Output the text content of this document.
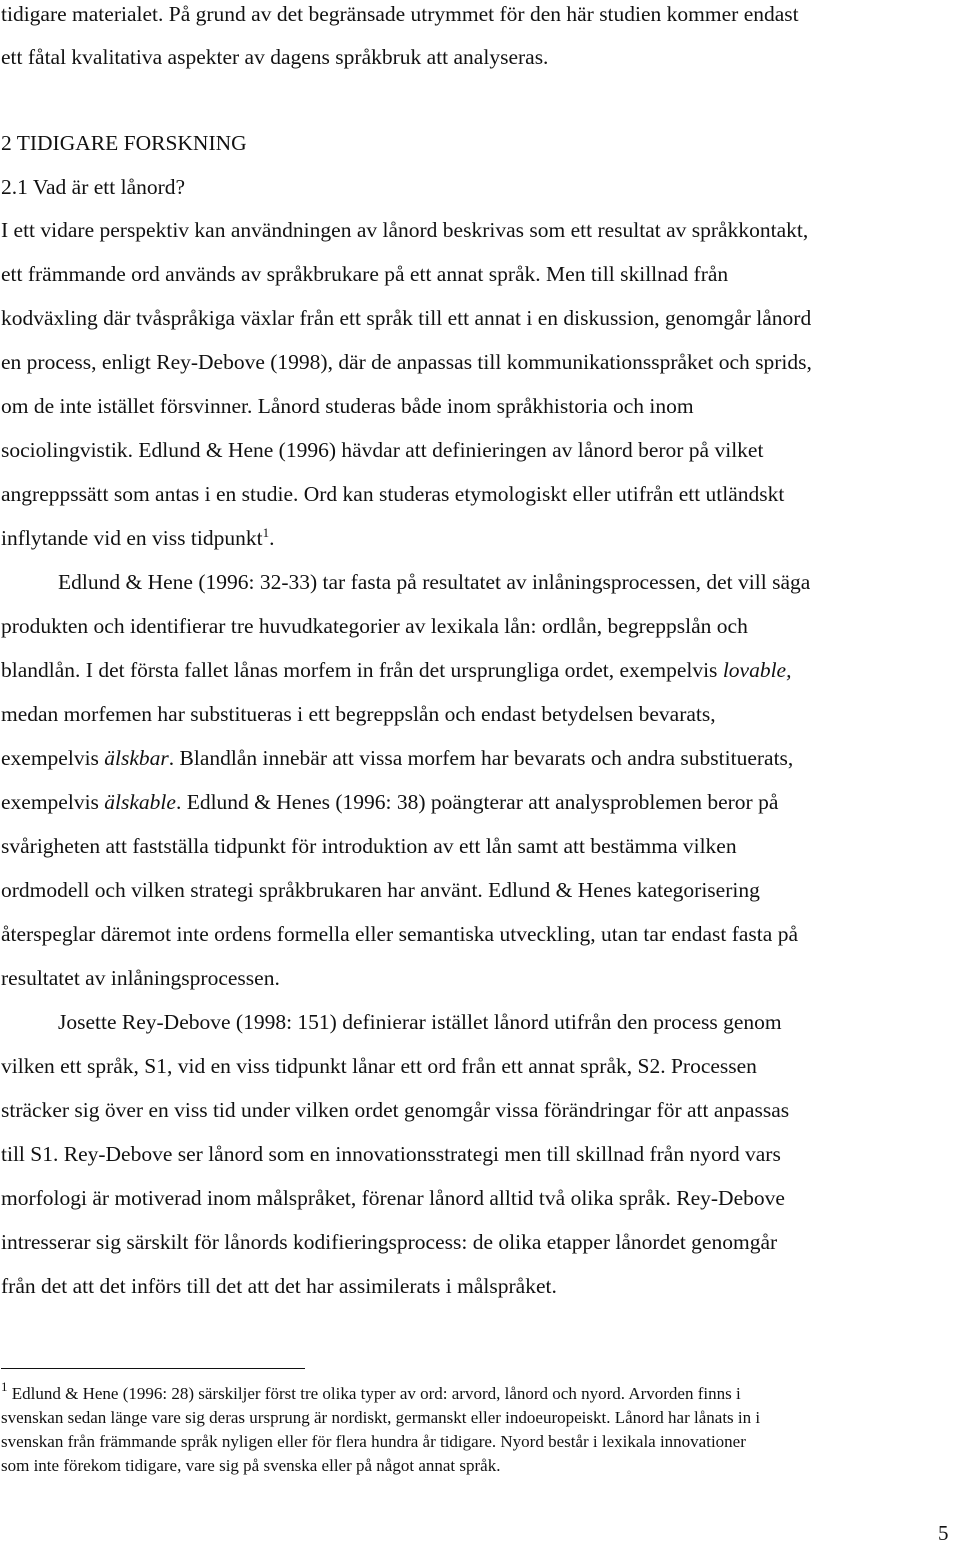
tidigare materialet. På grund av det begränsade utrymmet för den här studien kommer endast
ett fåtal kvalitativa aspekter av dagens språkbruk att analyseras.
2 TIDIGARE FORSKNING
2.1 Vad är ett lånord?
I ett vidare perspektiv kan användningen av lånord beskrivas som ett resultat av språkkontakt,
ett främmande ord används av språkbrukare på ett annat språk. Men till skillnad från
kodväxling där tvåspråkiga växlar från ett språk till ett annat i en diskussion, genomgår lånord
en process, enligt Rey-Debove (1998), där de anpassas till kommunikationsspråket och sprids,
om de inte istället försvinner. Lånord studeras både inom språkhistoria och inom
sociolingvistik. Edlund & Hene (1996) hävdar att definieringen av lånord beror på vilket
angreppssätt som antas i en studie. Ord kan studeras etymologiskt eller utifrån ett utländskt
inflytande vid en viss tidpunkt$^1$.
Edlund & Hene (1996: 32-33) tar fasta på resultatet av inlåningsprocessen, det vill säga
produkten och identifierar tre huvudkategorier av lexikala lån: ordlån, begreppslån och
blandlån. I det första fallet lånas morfem in från det ursprungliga ordet, exempelvis lovable,
medan morfemen har substitueras i ett begreppslån och endast betydelsen bevarats,
exempelvis älskbar. Blandlån innebär att vissa morfem har bevarats och andra substituerats,
exempelvis älskable. Edlund & Henes (1996: 38) poängterar att analysproblemen beror på
svårigheten att fastställa tidpunkt för introduktion av ett lån samt att bestämma vilken
ordmodell och vilken strategi språkbrukaren har använt. Edlund & Henes kategorisering
återspeglar däremot inte ordens formella eller semantiska utveckling, utan tar endast fasta på
resultatet av inlåningsprocessen.
Josette Rey-Debove (1998: 151) definierar istället lånord utifrån den process genom
vilken ett språk, S1, vid en viss tidpunkt lånar ett ord från ett annat språk, S2. Processen
sträcker sig över en viss tid under vilken ordet genomgår vissa förändringar för att anpassas
till S1. Rey-Debove ser lånord som en innovationsstrategi men till skillnad från nyord vars
morfologi är motiverad inom målspråket, förenar lånord alltid två olika språk. Rey-Debove
intresserar sig särskilt för lånords kodifieringsprocess: de olika etapper lånordet genomgår
från det att det införs till det att det har assimilerats i målspråket.
$^1$ Edlund & Hene (1996: 28) särskiljer först tre olika typer av ord: arvord, lånord och nyord. Arvorden finns i
svenskan sedan länge vare sig deras ursprung är nordiskt, germanskt eller indoeuropeiskt. Lånord har lånats in i
svenskan från främmande språk nyligen eller för flera hundra år tidigare. Nyord består i lexikala innovationer
som inte förekom tidigare, vare sig på svenska eller på något annat språk.
5
